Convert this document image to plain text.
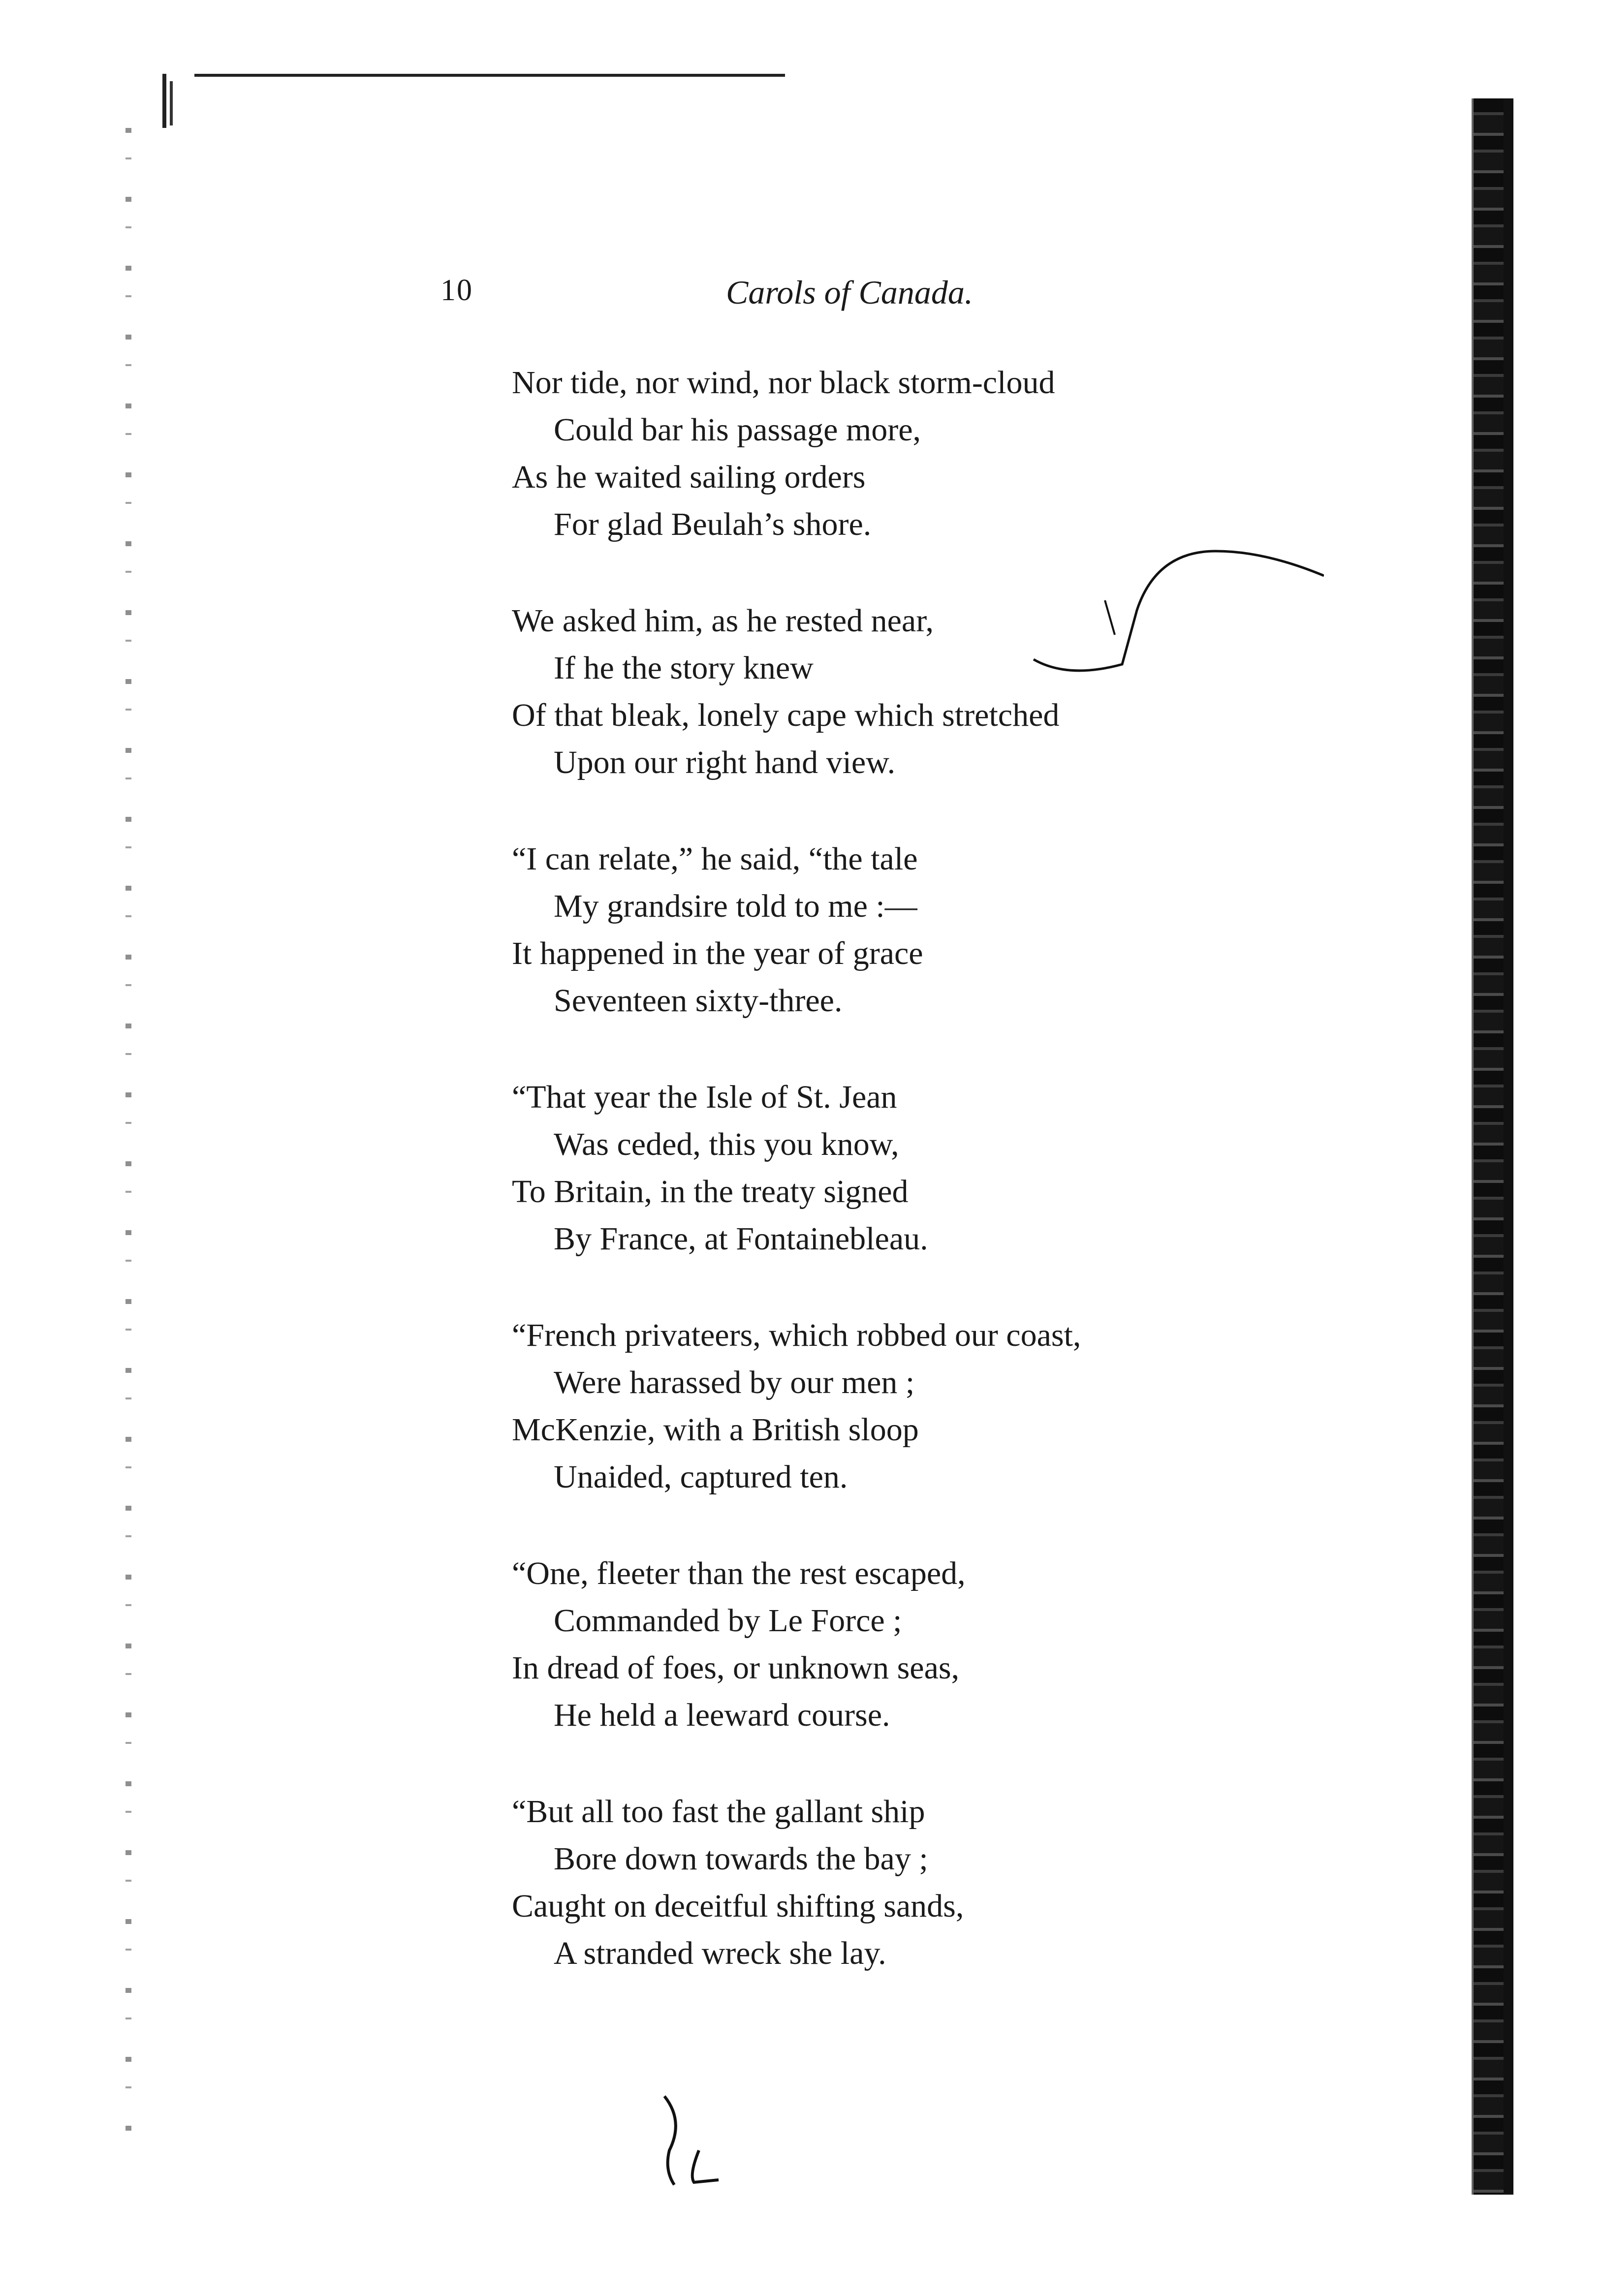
10	Carols of Canada.
Nor tide, nor wind, nor black storm-cloud
Could bar his passage more,
As he waited sailing orders
For glad Beulah’s shore.
We asked him, as he rested near,
If he the story knew
Of that bleak, lonely cape which stretched
Upon our right hand view.
“I can relate,” he said, “the tale
My grandsire told to me :—
It happened in the year of grace
Seventeen sixty-three.
“That year the Isle of St. Jean
Was ceded, this you know,
To Britain, in the treaty signed
By France, at Fontainebleau.
“French privateers, which robbed our coast,
Were harassed by our men ;
McKenzie, with a British sloop
Unaided, captured ten.
“One, fleeter than the rest escaped,
Commanded by Le Force ;
In dread of foes, or unknown seas,
He held a leeward course.
“But all too fast the gallant ship
Bore down towards the bay ;
Caught on deceitful shifting sands,
A stranded wreck she lay.
